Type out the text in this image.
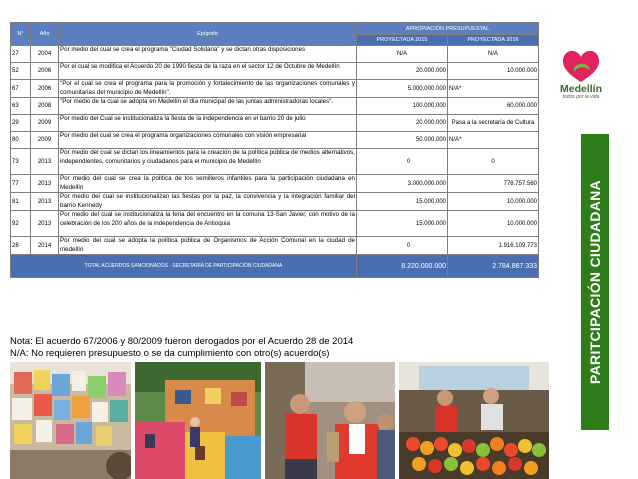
N°	Año	Epígrafe	APROPIACIÓN PRESUPUESTAL	
			PROYECTADA 2015	PROYECTADA 2016
27	2004	Por medio del cual se crea el programa "Ciudad Solidaria" y se dictan otras disposiciones	N/A	N/A
52	2006	Por el cual se modifica el Acuerdo 20 de 1990 fiesta de la raza en el sector 12 de Octubre de Medellín	20.000.000	10.000.000
67	2006	"Por el cual se crea el programa para la promoción y fortalecimiento de las organizaciones comunales y comunitarias del municipio de Medellín".	5.000.000.000	N/A*
63	2008	"Por medio de la cual se adopta en Medellín el día municipal de las juntas administradoras locales".	100.000.000	60.000.000
29	2009	Por medio del Cual se institucionaliza la fiesta de la independencia en el barrio 20 de julio	20.000.000	Pasa a la secretaría de Cultura
80	2009	Por medio del cual se crea el programa organizaciones comunales con visión empresarial	50.000.000	N/A*
73	2013	Por medio del cual se dictan los lineamientos para la creación de la política pública de medios alternativos, independientes, comunitarios y ciudadanos para el municipio de Medellín	0	0
77	2013	Por medio del cual se crea la política de los semilleros infantiles para la participación ciudadana en Medellín	3.000.000.000	778.757.560
81	2013	Por medio del cual se institucionalizan las fiestas por la paz, la convivencia y la integración familiar del barrio Kennedy	15.000.000	10.000.000
92	2013	Por medio del cual se institucionaliza la feria del encuentro en la comuna 13-San Javier, con motivo de la celebración de los 200 años de la independencia de Antioquia	15.000.000	10.000.000
28	2014	Por medio del cual se adopta la política pública de Organismos de Acción Comunal en la ciudad de medellín	0	1.916.109.773
TOTAL ACUERDOS SANCIONADOS - SECRETARÍA DE PARTICIPACIÓN CIUDADANA			8.220.000.000	2.784.867.333
Nota: El acuerdo 67/2006 y 80/2009 fueron derogados por el Acuerdo 28 de 2014
N/A: No requieren presupuesto o se da cumplimiento con otro(s) acuerdo(s)
Medellín
todos por la vida
PARITCIPACIÓN CIUDADANA
